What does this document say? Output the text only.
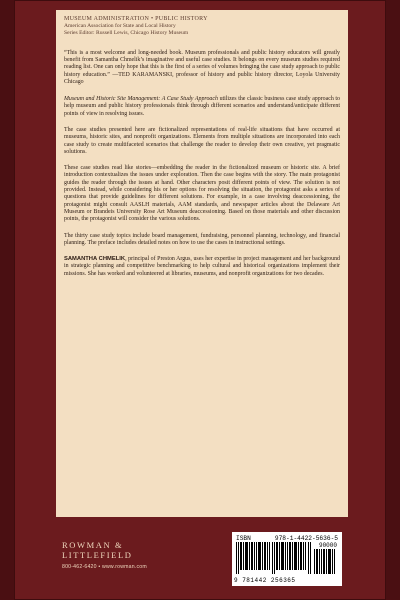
MUSEUM ADMINISTRATION • PUBLIC HISTORY
American Association for State and Local History
Series Editor: Russell Lewis, Chicago History Museum

“This is a most welcome and long-needed book. Museum professionals and public history educators will greatly benefit from Samantha Chmelik’s imaginative and useful case studies. It belongs on every museum studies required reading list. One can only hope that this is the first of a series of volumes bringing the case study approach to public history education.” —TED KARAMANSKI, professor of history and public history director, Loyola University Chicago

Museum and Historic Site Management: A Case Study Approach utilizes the classic business case study approach to help museum and public history professionals think through different scenarios and understand/anticipate different points of view in resolving issues.

The case studies presented here are fictionalized representations of real-life situations that have occurred at museums, historic sites, and nonprofit organizations. Elements from multiple situations are incorporated into each case study to create multifaceted scenarios that challenge the reader to develop their own creative, yet pragmatic solutions.

These case studies read like stories—embedding the reader in the fictionalized museum or historic site. A brief introduction contextualizes the issues under exploration. Then the case begins with the story. The main protagonist guides the reader through the issues at hand. Other characters posit different points of view. The solution is not provided. Instead, while considering his or her options for resolving the situation, the protagonist asks a series of questions that provide guidelines for different solutions. For example, in a case involving deaccessioning, the protagonist might consult AASLH materials, AAM standards, and newspaper articles about the Delaware Art Museum or Brandeis University Rose Art Museum deaccessioning. Based on those materials and other discussion points, the protagonist will consider the various solutions.

The thirty case study topics include board management, fundraising, personnel planning, technology, and financial planning. The preface includes detailed notes on how to use the cases in instructional settings.

SAMANTHA CHMELIK, principal of Preston Argus, uses her expertise in project management and her background in strategic planning and competitive benchmarking to help cultural and historical organizations implement their missions. She has worked and volunteered at libraries, museums, and nonprofit organizations for two decades.

ROWMAN &
LITTLEFIELD
800-462-6420 • www.rowman.com
ISBN	978-1-4422-5636-5
90000
9 781442 256365
